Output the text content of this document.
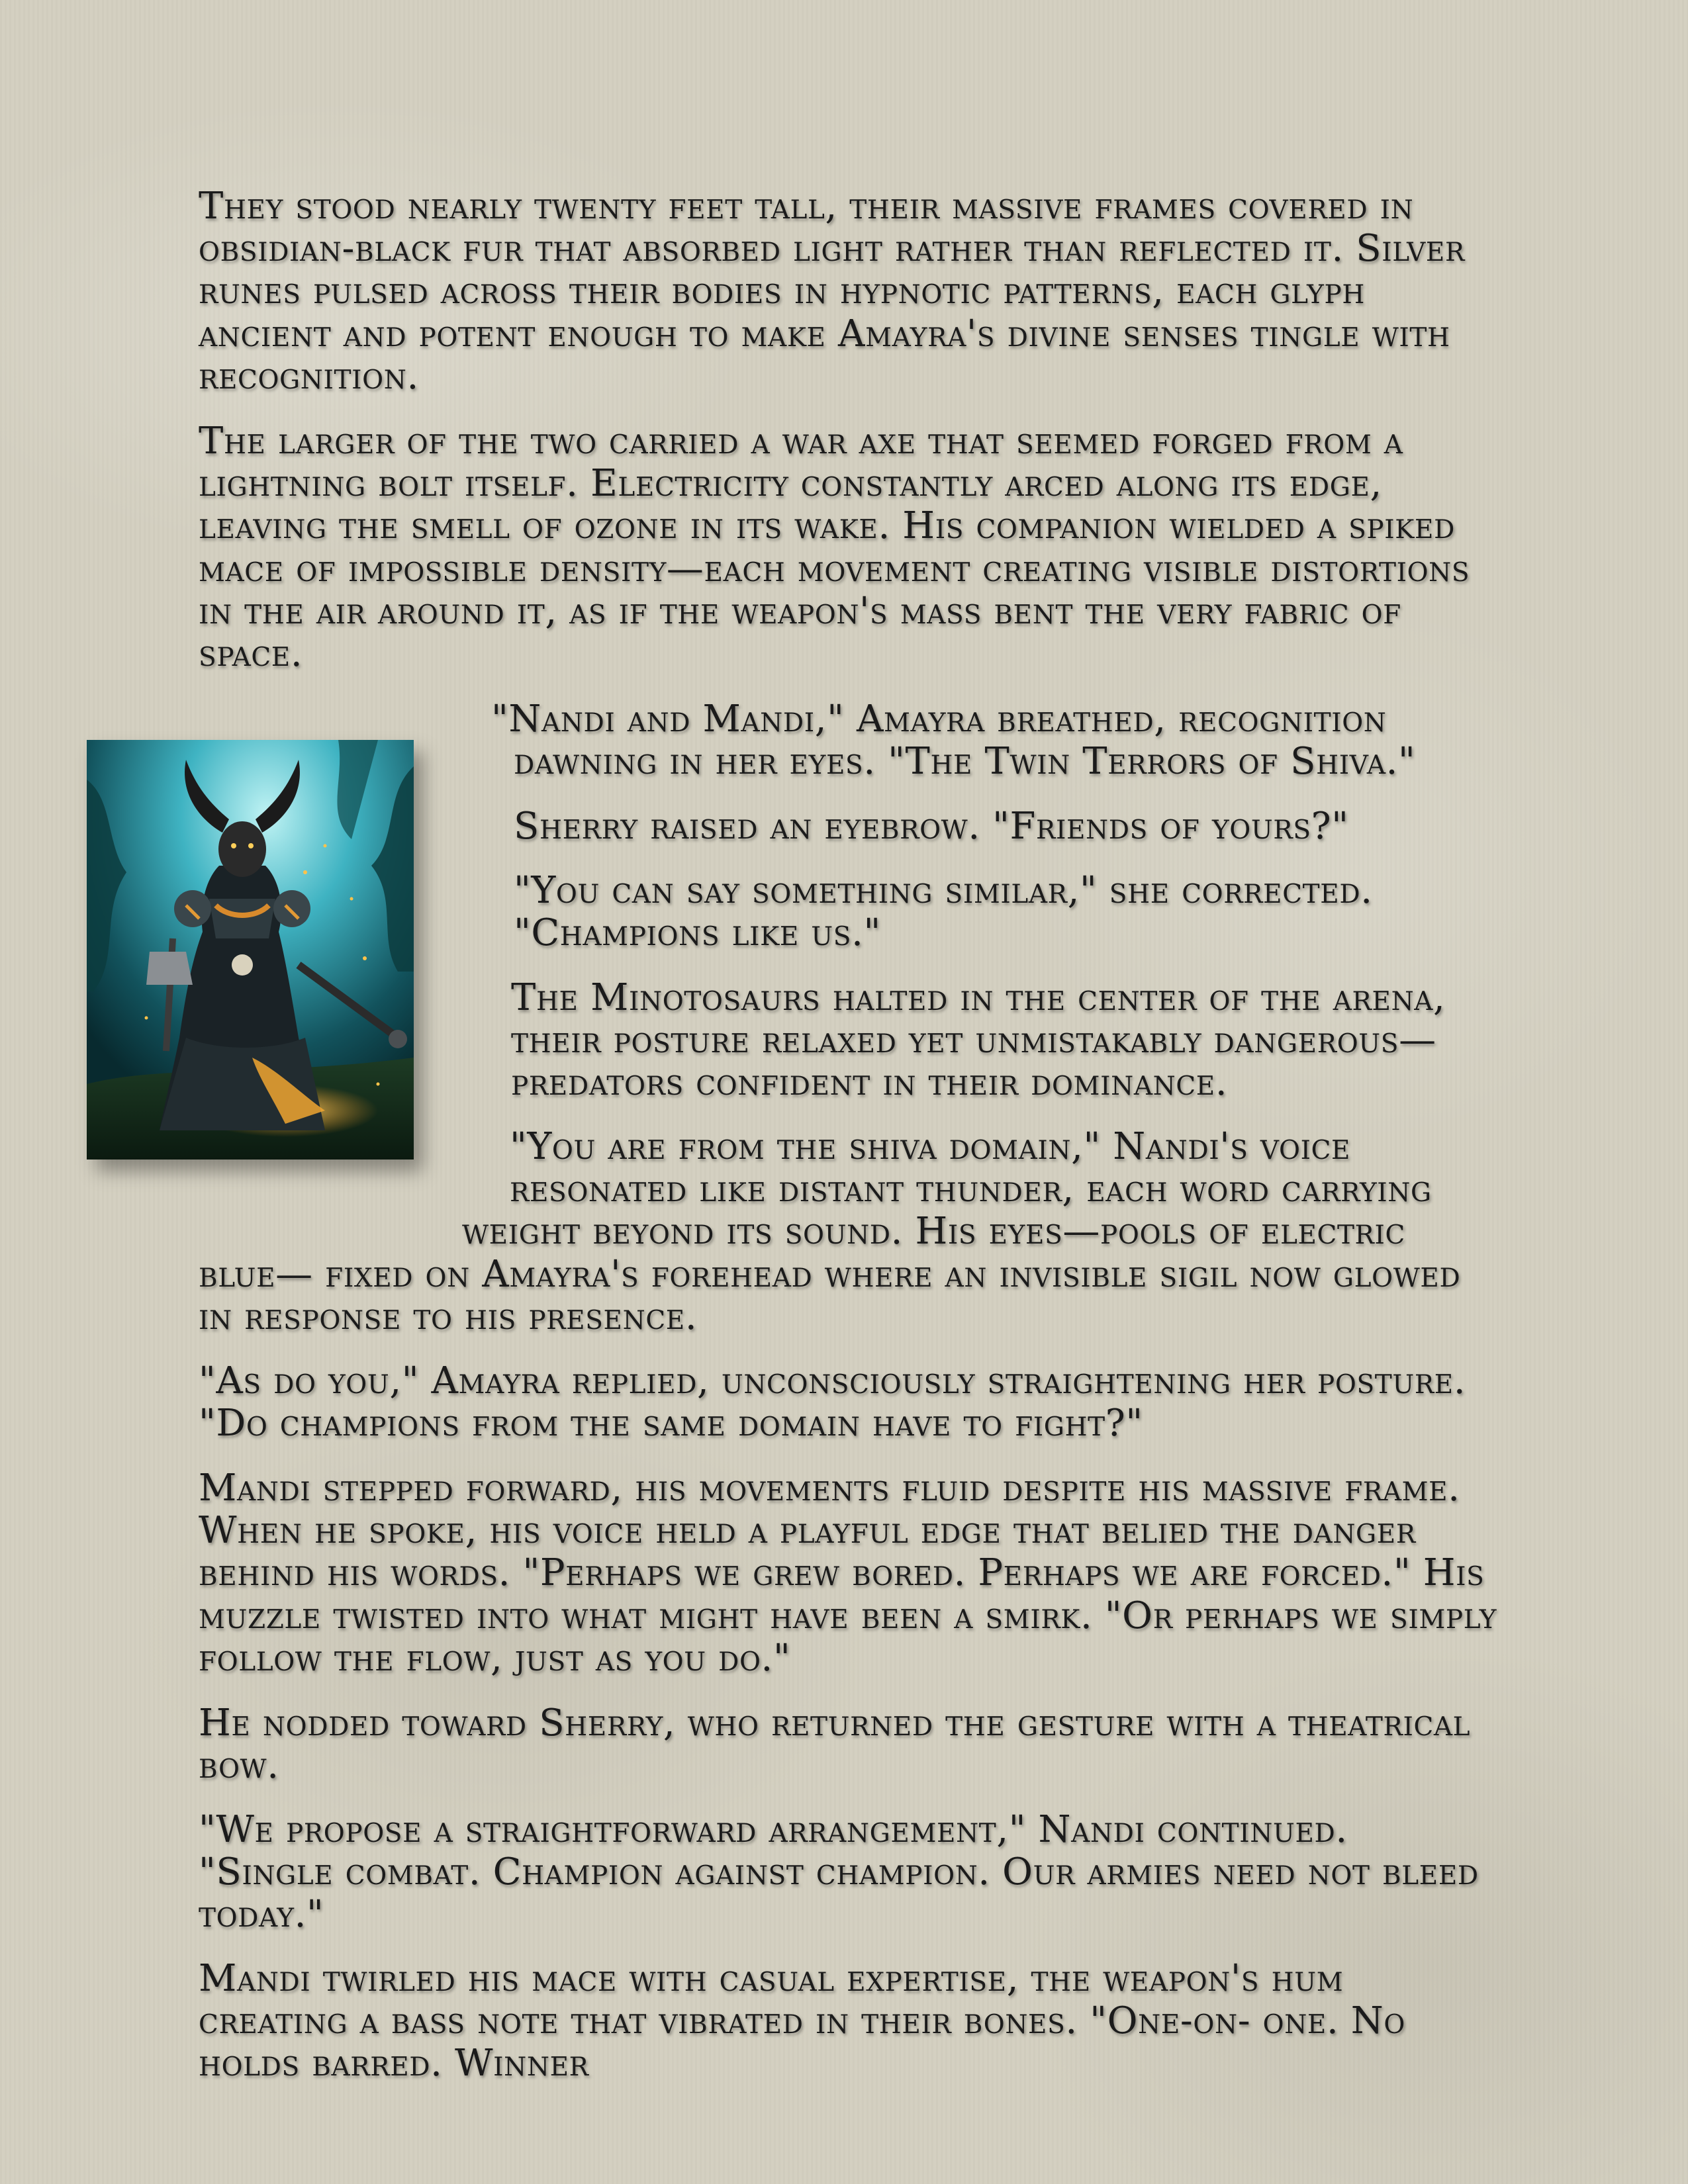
They stood nearly twenty feet tall, their massive frames covered in
obsidian-black fur that absorbed light rather than reflected it. Silver
runes pulsed across their bodies in hypnotic patterns, each glyph
ancient and potent enough to make Amayra's divine senses tingle with
recognition.

The larger of the two carried a war axe that seemed forged from a
lightning bolt itself. Electricity constantly arced along its edge,
leaving the smell of ozone in its wake. His companion wielded a spiked
mace of impossible density—each movement creating visible distortions
in the air around it, as if the weapon's mass bent the very fabric of
space.

"Nandi and Mandi," Amayra breathed, recognition
dawning in her eyes. "The Twin Terrors of Shiva."

Sherry raised an eyebrow. "Friends of yours?"

"You can say something similar," she corrected.
"Champions like us."

The Minotosaurs halted in the center of the arena,
their posture relaxed yet unmistakably dangerous—
predators confident in their dominance.

"You are from the shiva domain," Nandi's voice
resonated like distant thunder, each word carrying
weight beyond its sound. His eyes—pools of electric
blue— fixed on Amayra's forehead where an invisible sigil now glowed
in response to his presence.

"As do you," Amayra replied, unconsciously straightening her posture.
"Do champions from the same domain have to fight?"

Mandi stepped forward, his movements fluid despite his massive frame.
When he spoke, his voice held a playful edge that belied the danger
behind his words. "Perhaps we grew bored. Perhaps we are forced." His
muzzle twisted into what might have been a smirk. "Or perhaps we simply
follow the flow, just as you do."

He nodded toward Sherry, who returned the gesture with a theatrical
bow.

"We propose a straightforward arrangement," Nandi continued.
"Single combat. Champion against champion. Our armies need not bleed
today."

Mandi twirled his mace with casual expertise, the weapon's hum
creating a bass note that vibrated in their bones. "One-on- one. No
holds barred. Winner
